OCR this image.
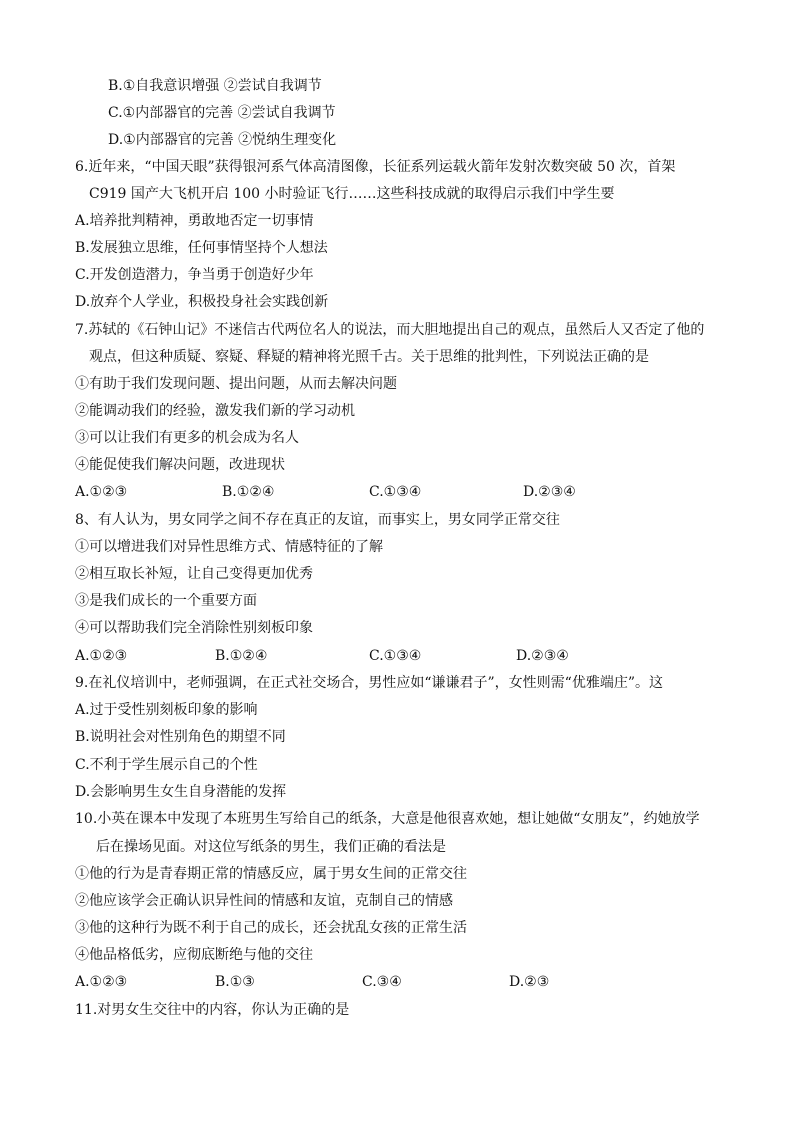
B.①自我意识增强 ②尝试自我调节
C.①内部器官的完善 ②尝试自我调节
D.①内部器官的完善 ②悦纳生理变化
6.近年来，“中国天眼”获得银河系气体高清图像，长征系列运载火箭年发射次数突破 50 次，首架
C919 国产大飞机开启 100 小时验证飞行……这些科技成就的取得启示我们中学生要
A.培养批判精神，勇敢地否定一切事情
B.发展独立思维，任何事情坚持个人想法
C.开发创造潜力，争当勇于创造好少年
D.放弃个人学业，积极投身社会实践创新
7.苏轼的《石钟山记》不迷信古代两位名人的说法，而大胆地提出自己的观点，虽然后人又否定了他的
观点，但这种质疑、察疑、释疑的精神将光照千古。关于思维的批判性，下列说法正确的是
①有助于我们发现问题、提出问题，从而去解决问题
②能调动我们的经验，激发我们新的学习动机
③可以让我们有更多的机会成为名人
④能促使我们解决问题，改进现状
A.①②③	B.①②④	C.①③④	D.②③④
8、有人认为，男女同学之间不存在真正的友谊，而事实上，男女同学正常交往
①可以增进我们对异性思维方式、情感特征的了解
②相互取长补短，让自己变得更加优秀
③是我们成长的一个重要方面
④可以帮助我们完全消除性别刻板印象
A.①②③	B.①②④	C.①③④	D.②③④
9.在礼仪培训中，老师强调，在正式社交场合，男性应如“谦谦君子”，女性则需“优雅端庄”。这
A.过于受性别刻板印象的影响
B.说明社会对性别角色的期望不同
C.不利于学生展示自己的个性
D.会影响男生女生自身潜能的发挥
10.小英在课本中发现了本班男生写给自己的纸条，大意是他很喜欢她，想让她做“女朋友”，约她放学
后在操场见面。对这位写纸条的男生，我们正确的看法是
①他的行为是青春期正常的情感反应，属于男女生间的正常交往
②他应该学会正确认识异性间的情感和友谊，克制自己的情感
③他的这种行为既不利于自己的成长，还会扰乱女孩的正常生活
④他品格低劣，应彻底断绝与他的交往
A.①②③	B.①③	C.③④	D.②③
11.对男女生交往中的内容，你认为正确的是
